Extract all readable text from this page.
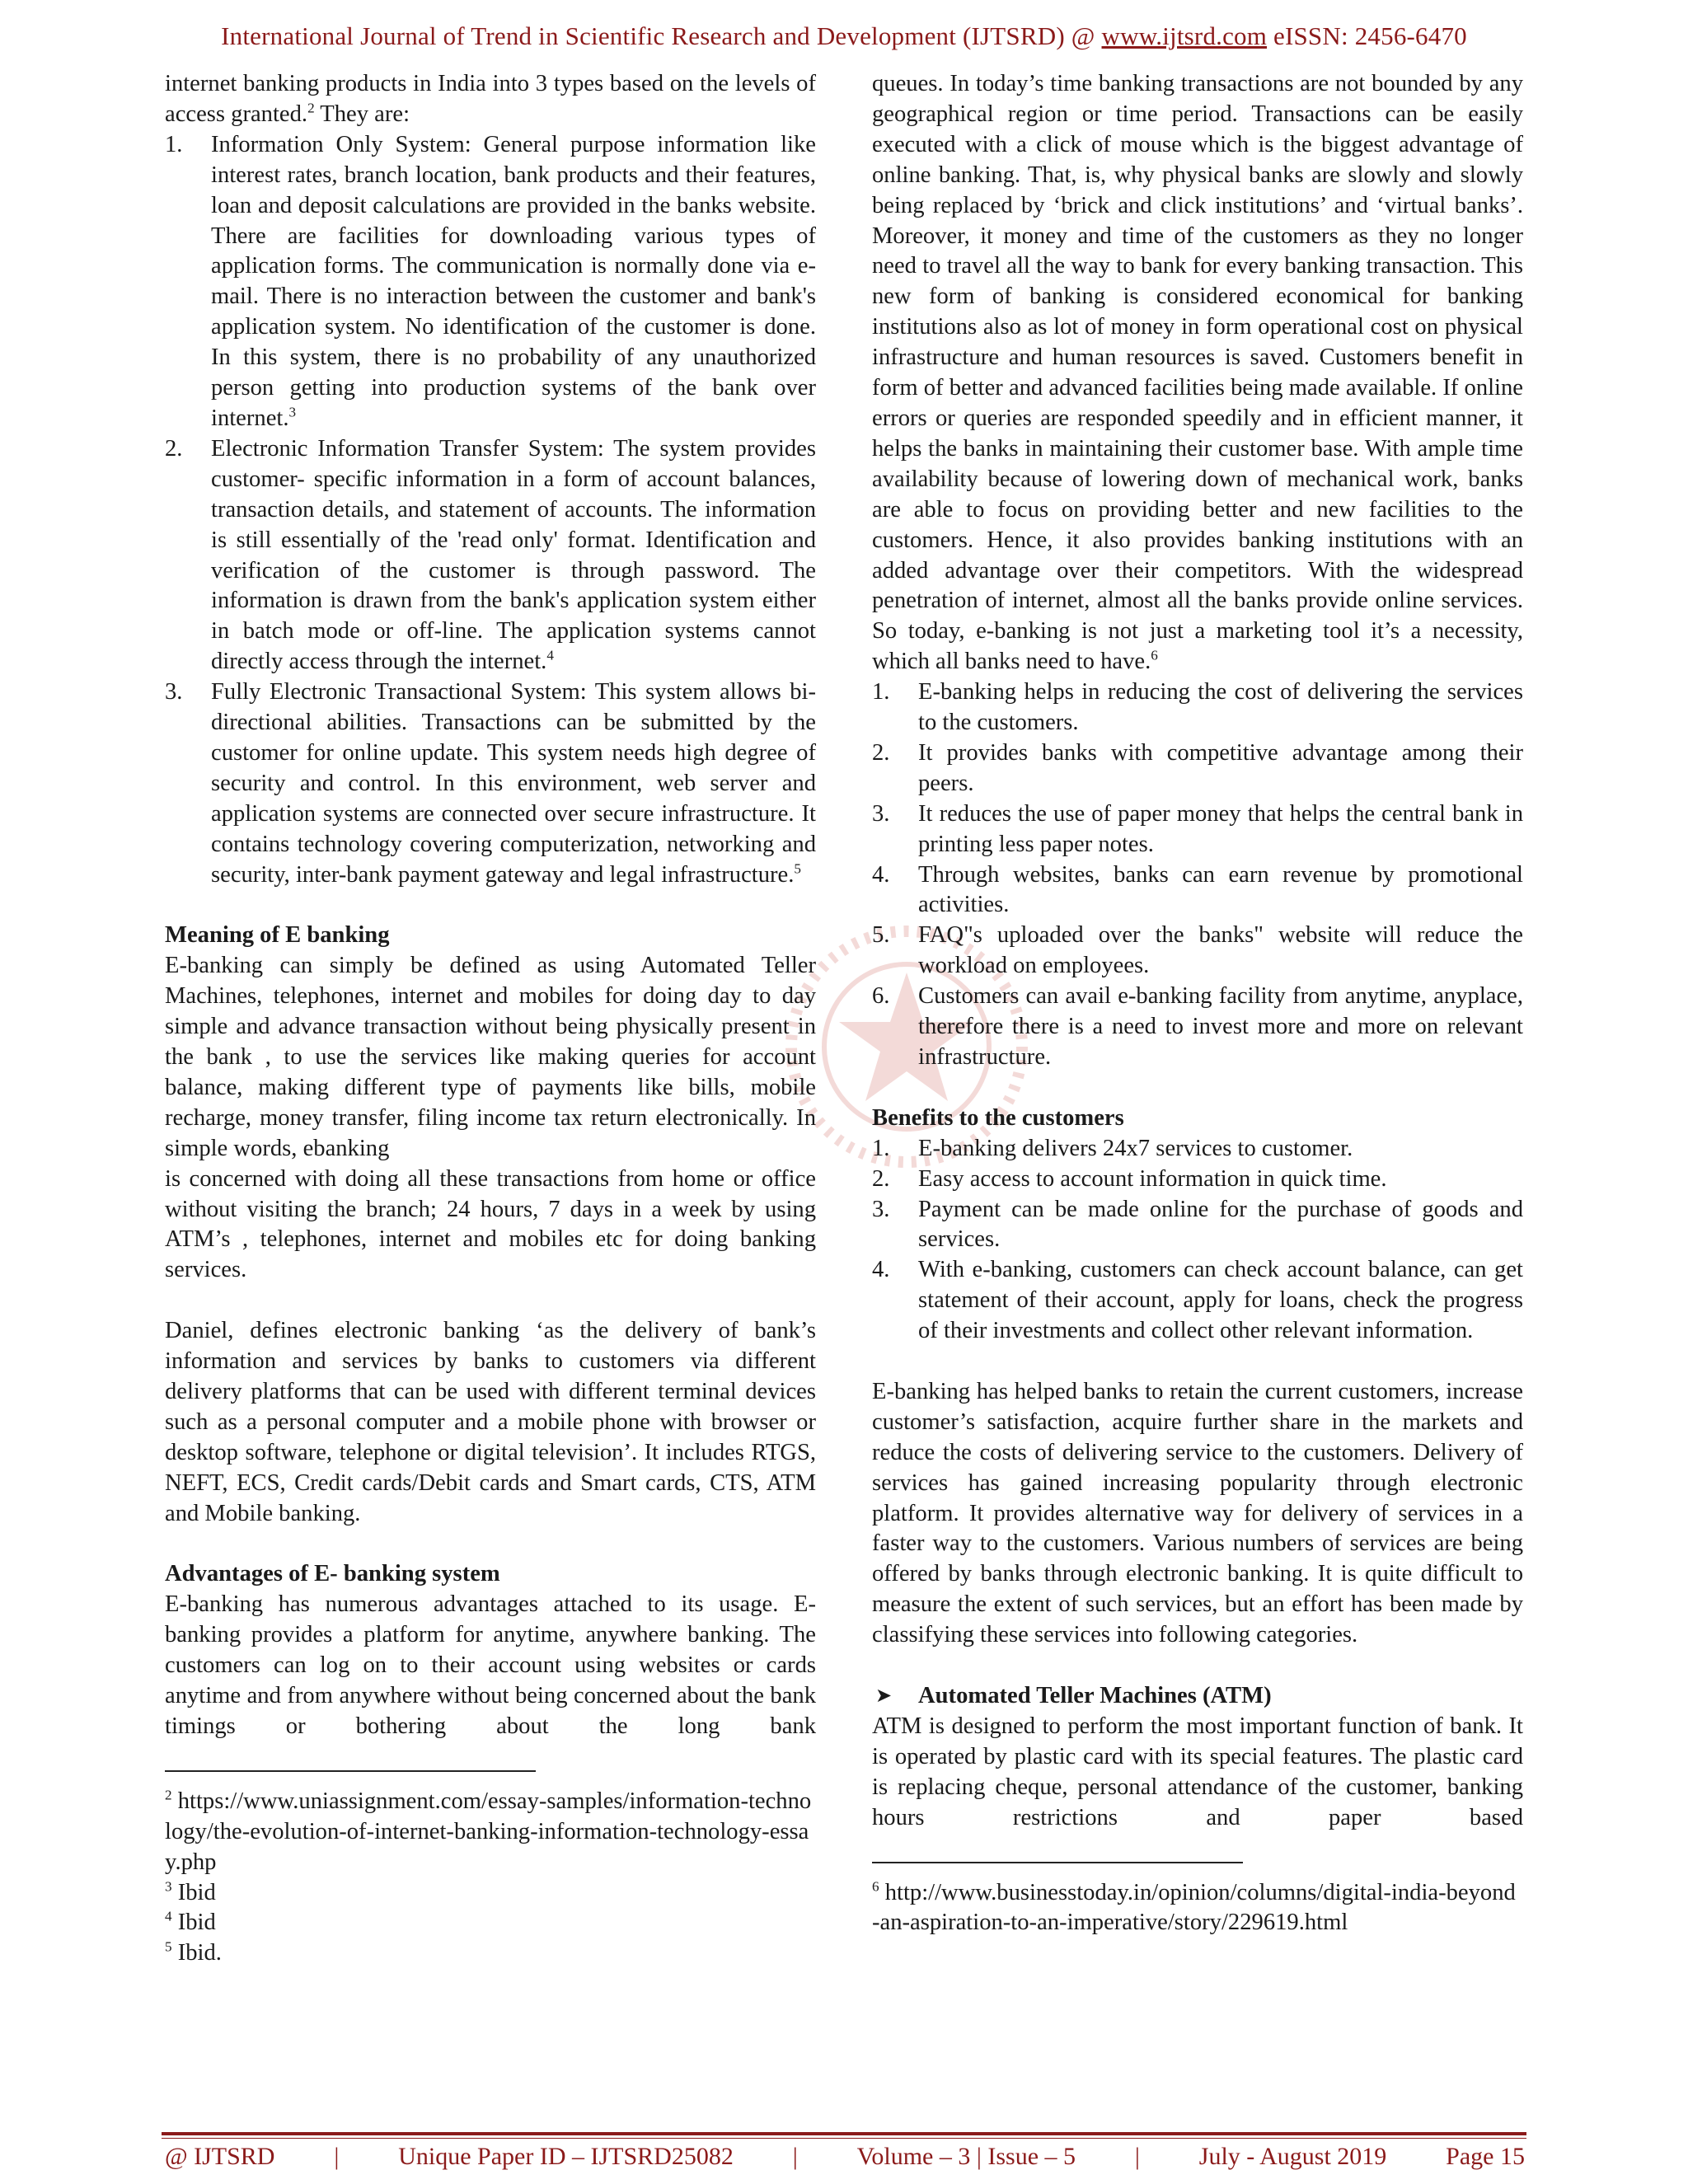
International Journal of Trend in Scientific Research and Development (IJTSRD) @ www.ijtsrd.com eISSN: 2456-6470

internet banking products in India into 3 types based on the levels of access granted.$^2$ They are:

1. Information Only System: General purpose information like interest rates, branch location, bank products and their features, loan and deposit calculations are provided in the banks website. There are facilities for downloading various types of application forms. The communication is normally done via e-mail. There is no interaction between the customer and bank's application system. No identification of the customer is done. In this system, there is no probability of any unauthorized person getting into production systems of the bank over internet.$^3$
2. Electronic Information Transfer System: The system provides customer- specific information in a form of account balances, transaction details, and statement of accounts. The information is still essentially of the 'read only' format. Identification and verification of the customer is through password. The information is drawn from the bank's application system either in batch mode or off-line. The application systems cannot directly access through the internet.$^4$
3. Fully Electronic Transactional System: This system allows bi-directional abilities. Transactions can be submitted by the customer for online update. This system needs high degree of security and control. In this environment, web server and application systems are connected over secure infrastructure. It contains technology covering computerization, networking and security, inter-bank payment gateway and legal infrastructure.$^5$

Meaning of E banking

E-banking can simply be defined as using Automated Teller Machines, telephones, internet and mobiles for doing day to day simple and advance transaction without being physically present in the bank , to use the services like making queries for account balance, making different type of payments like bills, mobile recharge, money transfer, filing income tax return electronically. In simple words, ebanking

is concerned with doing all these transactions from home or office without visiting the branch; 24 hours, 7 days in a week by using ATM’s , telephones, internet and mobiles etc for doing banking services.

Daniel, defines electronic banking ‘as the delivery of bank’s information and services by banks to customers via different delivery platforms that can be used with different terminal devices such as a personal computer and a mobile phone with browser or desktop software, telephone or digital television’. It includes RTGS, NEFT, ECS, Credit cards/Debit cards and Smart cards, CTS, ATM and Mobile banking.

Advantages of E- banking system

E-banking has numerous advantages attached to its usage. E-banking provides a platform for anytime, anywhere banking. The customers can log on to their account using websites or cards anytime and from anywhere without being concerned about the bank timings or bothering about the long bank

$^2$ https://www.uniassignment.com/essay-samples/information-technology/the-evolution-of-internet-banking-information-technology-essay.php

$^3$ Ibid

$^4$ Ibid

$^5$ Ibid.

queues. In today’s time banking transactions are not bounded by any geographical region or time period. Transactions can be easily executed with a click of mouse which is the biggest advantage of online banking. That, is, why physical banks are slowly and slowly being replaced by ‘brick and click institutions’ and ‘virtual banks’. Moreover, it money and time of the customers as they no longer need to travel all the way to bank for every banking transaction. This new form of banking is considered economical for banking institutions also as lot of money in form operational cost on physical infrastructure and human resources is saved. Customers benefit in form of better and advanced facilities being made available. If online errors or queries are responded speedily and in efficient manner, it helps the banks in maintaining their customer base. With ample time availability because of lowering down of mechanical work, banks are able to focus on providing better and new facilities to the customers. Hence, it also provides banking institutions with an added advantage over their competitors. With the widespread penetration of internet, almost all the banks provide online services. So today, e-banking is not just a marketing tool it’s a necessity, which all banks need to have.$^6$

1. E-banking helps in reducing the cost of delivering the services to the customers.
2. It provides banks with competitive advantage among their peers.
3. It reduces the use of paper money that helps the central bank in printing less paper notes.
4. Through websites, banks can earn revenue by promotional activities.
5. FAQ"s uploaded over the banks" website will reduce the workload on employees.
6. Customers can avail e-banking facility from anytime, anyplace, therefore there is a need to invest more and more on relevant infrastructure.

Benefits to the customers

1. E-banking delivers 24x7 services to customer.
2. Easy access to account information in quick time.
3. Payment can be made online for the purchase of goods and services.
4. With e-banking, customers can check account balance, can get statement of their account, apply for loans, check the progress of their investments and collect other relevant information.

E-banking has helped banks to retain the current customers, increase customer’s satisfaction, acquire further share in the markets and reduce the costs of delivering service to the customers. Delivery of services has gained increasing popularity through electronic platform. It provides alternative way for delivery of services in a faster way to the customers. Various numbers of services are being offered by banks through electronic banking. It is quite difficult to measure the extent of such services, but an effort has been made by classifying these services into following categories.

➤ Automated Teller Machines (ATM)

ATM is designed to perform the most important function of bank. It is operated by plastic card with its special features. The plastic card is replacing cheque, personal attendance of the customer, banking hours restrictions and paper based

$^6$ http://www.businesstoday.in/opinion/columns/digital-india-beyond-an-aspiration-to-an-imperative/story/229619.html

@ IJTSRD | Unique Paper ID – IJTSRD25082 | Volume – 3 | Issue – 5 | July - August 2019 Page 15
